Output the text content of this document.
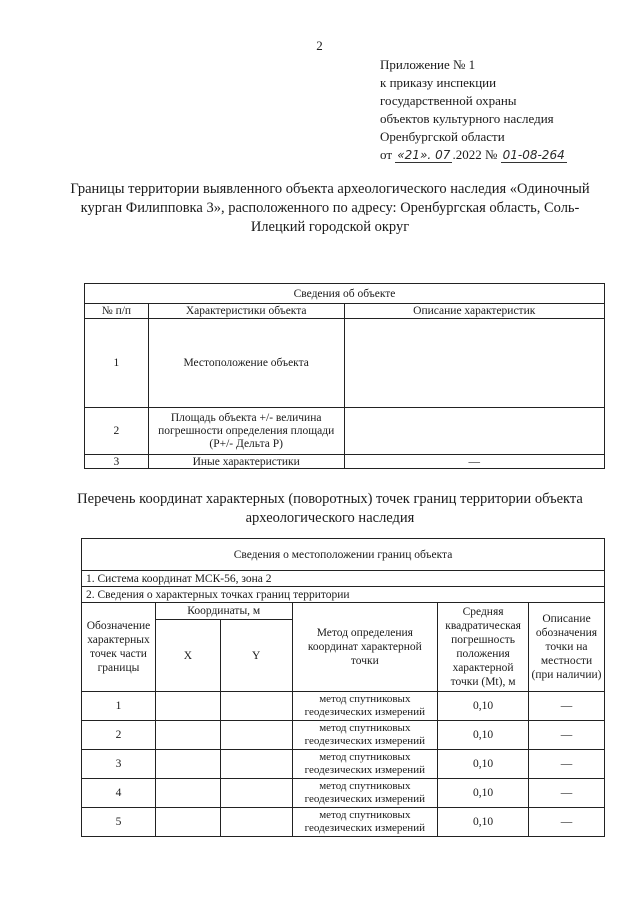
2
Приложение № 1
к приказу инспекции
государственной охраны
объектов культурного наследия
Оренбургской области
от «21». 07 .2022 № 01-08-264
Границы территории выявленного объекта археологического наследия «Одиночный курган Филипповка 3», расположенного по адресу: Оренбургская область, Соль-Илецкий городской округ
Сведения об объекте		
№ п/п	Характеристики объекта	Описание характеристик
1	Местоположение объекта	
2	Площадь объекта +/- величина погрешности определения площади (P+/- Дельта P)	
3	Иные характеристики	—
Перечень координат характерных (поворотных) точек границ территории объекта археологического наследия
Сведения о местоположении границ объекта					
1. Система координат МСК-56, зона 2					
2. Сведения о характерных точках границ территории					
Обозначение характерных точек части границы	Координаты, м		Метод определения координат характерной точки	Средняя квадратическая погрешность положения характерной точки (Mt), м	Описание обозначения точки на местности (при наличии)
	X	Y			
1			метод спутниковых геодезических измерений	0,10	—
2			метод спутниковых геодезических измерений	0,10	—
3			метод спутниковых геодезических измерений	0,10	—
4			метод спутниковых геодезических измерений	0,10	—
5			метод спутниковых геодезических измерений	0,10	—
